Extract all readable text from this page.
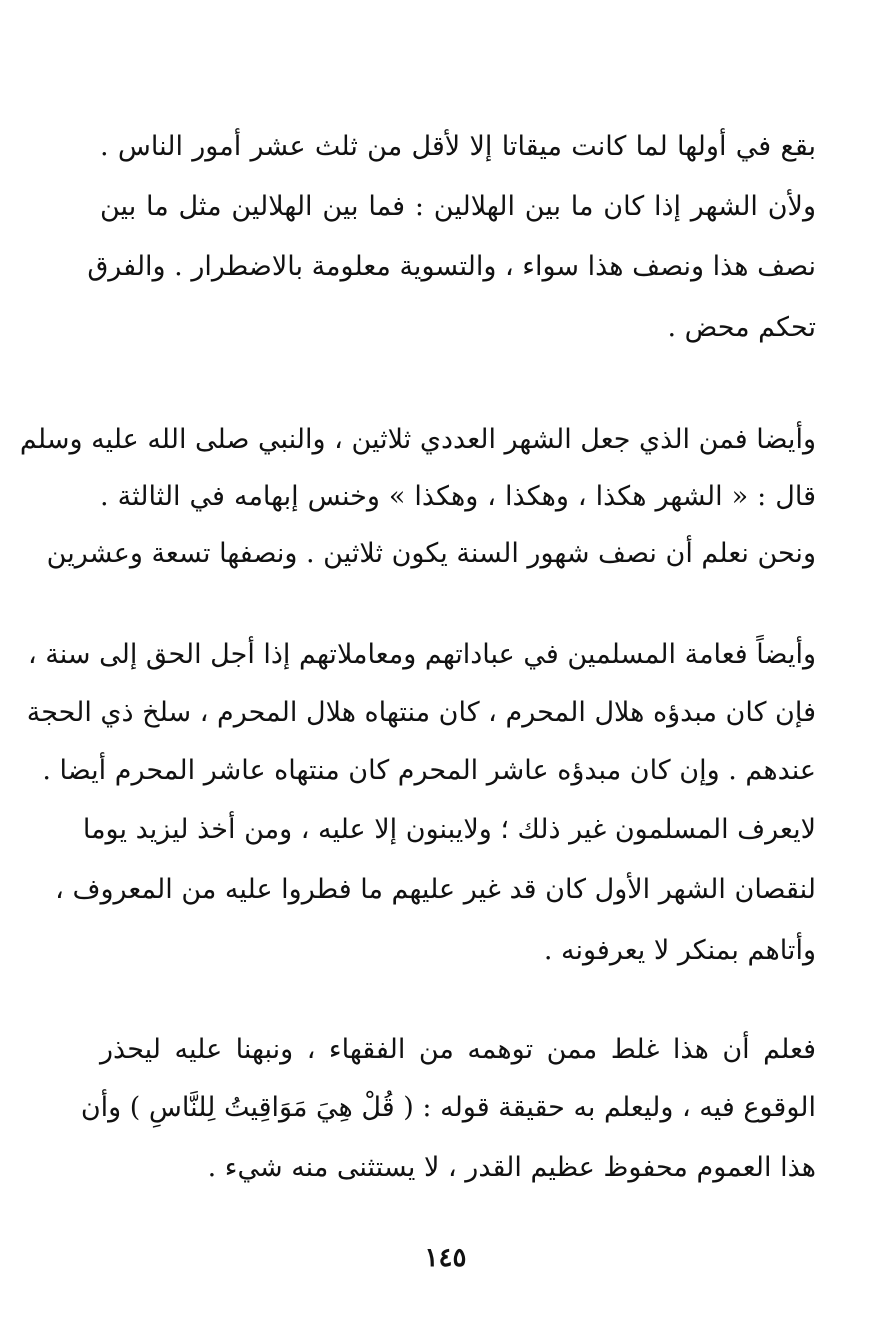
بقع في أولها لما كانت ميقاتا إلا لأقل من ثلث عشر أمور الناس .
ولأن الشهر إذا كان ما بين الهلالين : فما بين الهلالين مثل ما بين
نصف هذا ونصف هذا سواء ، والتسوية معلومة بالاضطرار . والفرق
تحكم محض .
وأيضا فمن الذي جعل الشهر العددي ثلاثين ، والنبي صلى الله عليه وسلم
قال : « الشهر هكذا ، وهكذا ، وهكذا » وخنس إبهامه في الثالثة .
ونحن نعلم أن نصف شهور السنة يكون ثلاثين . ونصفها تسعة وعشرين
وأيضاً فعامة المسلمين في عباداتهم ومعاملاتهم إذا أجل الحق إلى سنة ،
فإن كان مبدؤه هلال المحرم ، كان منتهاه هلال المحرم ، سلخ ذي الحجة
عندهم . وإن كان مبدؤه عاشر المحرم كان منتهاه عاشر المحرم أيضا .
لايعرف المسلمون غير ذلك ؛ ولايبنون إلا عليه ، ومن أخذ ليزيد يوما
لنقصان الشهر الأول كان قد غير عليهم ما فطروا عليه من المعروف ،
وأتاهم بمنكر لا يعرفونه .
فعلم أن هذا غلط ممن توهمه من الفقهاء ، ونبهنا عليه ليحذر
الوقوع فيه ، وليعلم به حقيقة قوله : ( قُلْ هِيَ مَوَاقِيتُ لِلنَّاسِ ) وأن
هذا العموم محفوظ عظيم القدر ، لا يستثنى منه شيء .
١٤٥
